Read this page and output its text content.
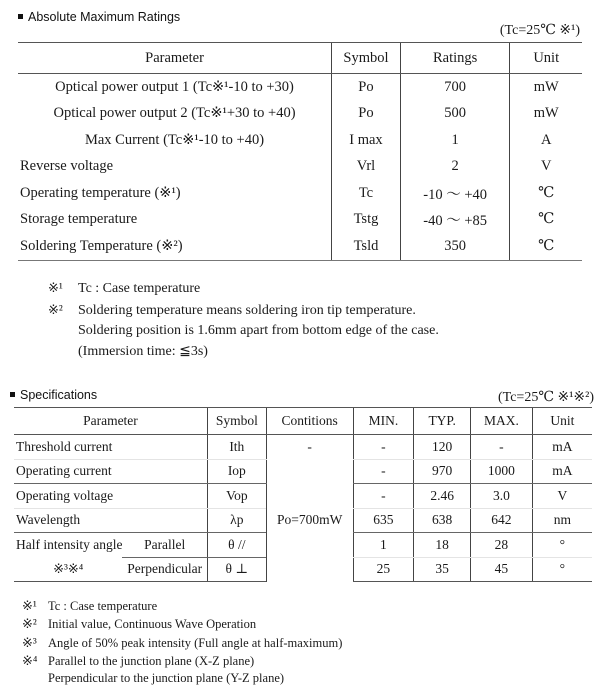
Absolute Maximum Ratings
(Tc=25℃ ※¹)
Parameter	Symbol	Ratings	Unit
Optical power output 1 (Tc※¹-10 to +30)	Po	700	mW
Optical power output 2 (Tc※¹+30 to +40)	Po	500	mW
Max Current (Tc※¹-10 to +40)	I max	1	A
Reverse voltage	Vrl	2	V
Operating temperature (※¹)	Tc	-10 ～ +40	℃
Storage temperature	Tstg	-40 ～ +85	℃
Soldering Temperature (※²)	Tsld	350	℃
※¹ Tc : Case temperature
※² Soldering temperature means soldering iron tip temperature.
Soldering position is 1.6mm apart from bottom edge of the case.
(Immersion time: ≦3s)
Specifications	(Tc=25℃ ※¹※²)
Parameter		Symbol	Contitions	MIN.	TYP.	MAX.	Unit
Threshold current		Ith	-	-	120	-	mA
Operating current		Iop	Po=700mW	-	970	1000	mA
Operating voltage		Vop		-	2.46	3.0	V
Wavelength		λp		635	638	642	nm
Half intensity angle	Parallel	θ //		1	18	28	°
※³※⁴	Perpendicular	θ ⊥		25	35	45	°
※¹ Tc : Case temperature
※² Initial value, Continuous Wave Operation
※³ Angle of 50% peak intensity (Full angle at half-maximum)
※⁴ Parallel to the junction plane (X-Z plane)
Perpendicular to the junction plane (Y-Z plane)
